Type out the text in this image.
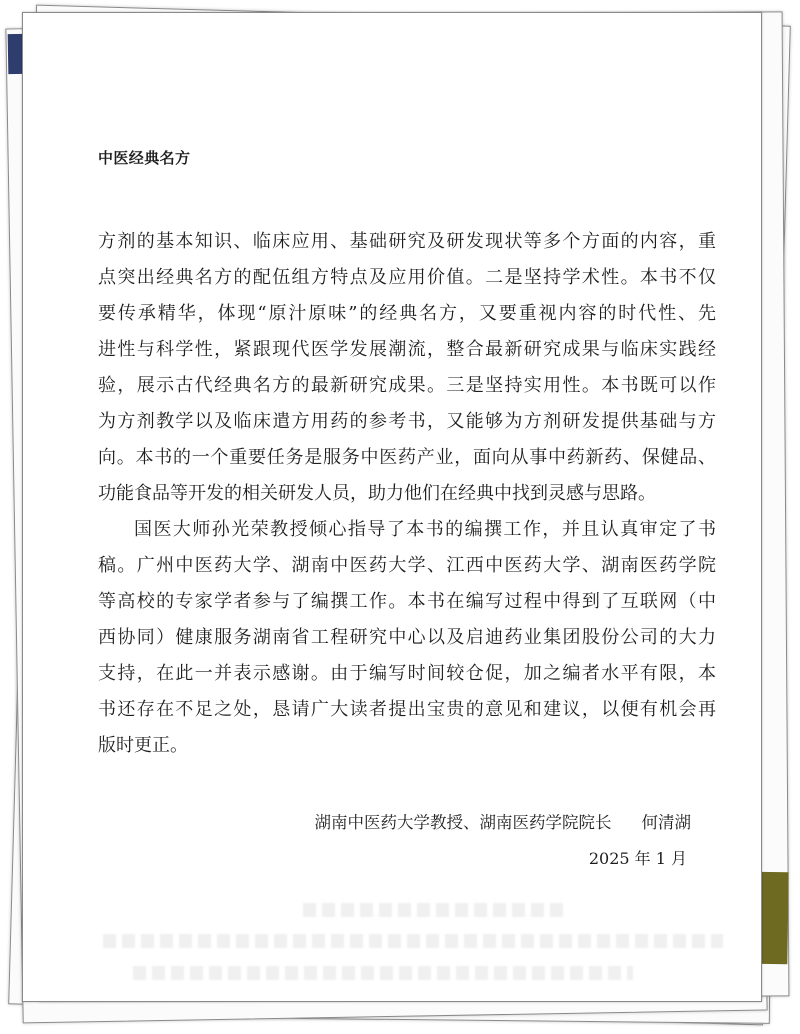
中医经典名方
方剂的基本知识、临床应用、基础研究及研发现状等多个方面的内容，重
点突出经典名方的配伍组方特点及应用价值。二是坚持学术性。本书不仅
要传承精华，体现“原汁原味”的经典名方，又要重视内容的时代性、先
进性与科学性，紧跟现代医学发展潮流，整合最新研究成果与临床实践经
验，展示古代经典名方的最新研究成果。三是坚持实用性。本书既可以作
为方剂教学以及临床遣方用药的参考书，又能够为方剂研发提供基础与方
向。本书的一个重要任务是服务中医药产业，面向从事中药新药、保健品、
功能食品等开发的相关研发人员，助力他们在经典中找到灵感与思路。
国医大师孙光荣教授倾心指导了本书的编撰工作，并且认真审定了书
稿。广州中医药大学、湖南中医药大学、江西中医药大学、湖南医药学院
等高校的专家学者参与了编撰工作。本书在编写过程中得到了互联网（中
西协同）健康服务湖南省工程研究中心以及启迪药业集团股份公司的大力
支持，在此一并表示感谢。由于编写时间较仓促，加之编者水平有限，本
书还存在不足之处，恳请广大读者提出宝贵的意见和建议，以便有机会再
版时更正。
湖南中医药大学教授、湖南医药学院院长 何清湖
2025 年 1 月
